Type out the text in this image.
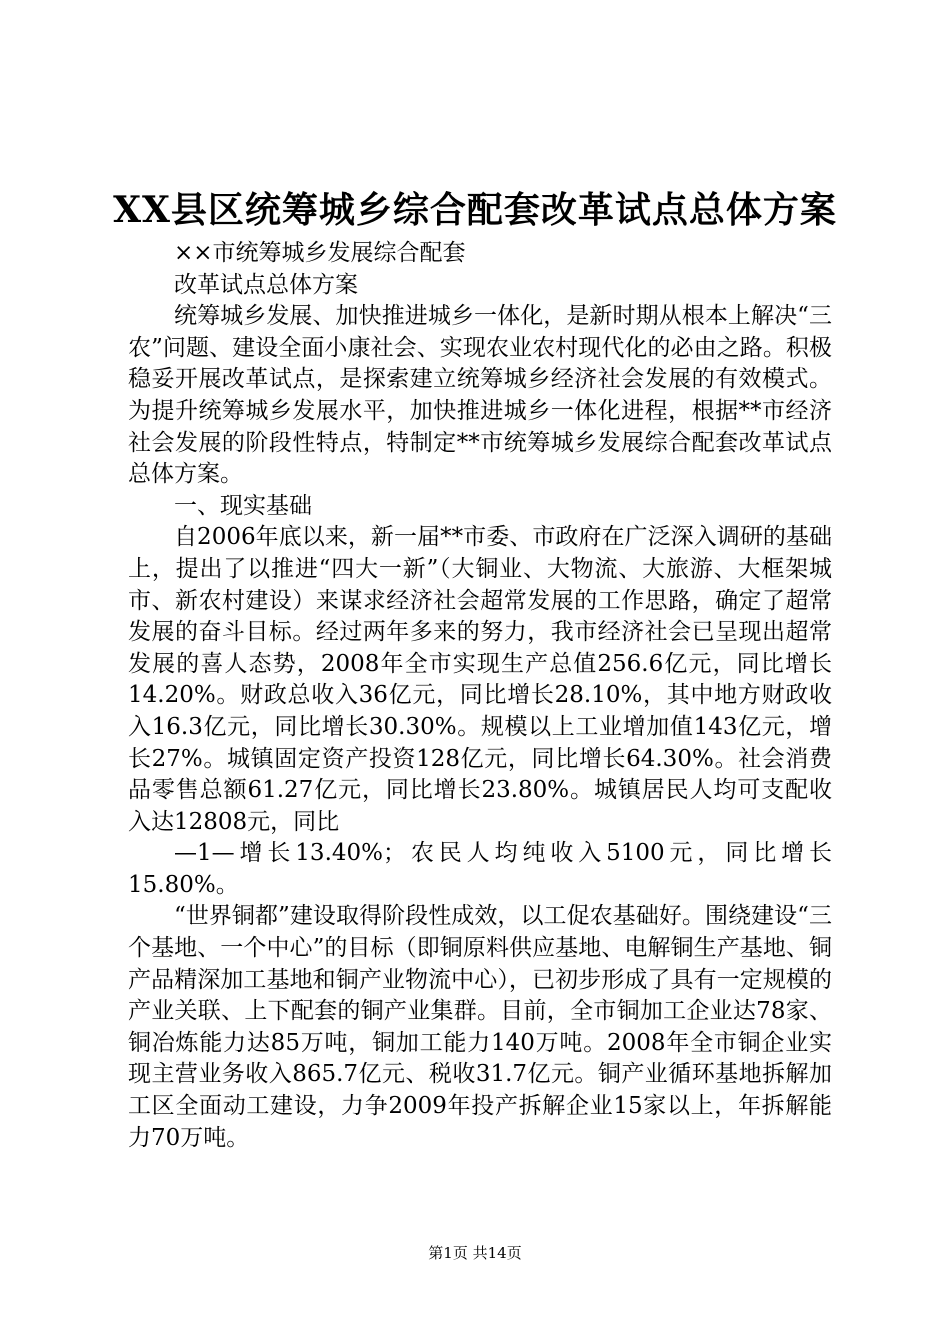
XX县区统筹城乡综合配套改革试点总体方案

××市统筹城乡发展综合配套

改革试点总体方案

统筹城乡发展、加快推进城乡一体化，是新时期从根本上解决“三农”问题、建设全面小康社会、实现农业农村现代化的必由之路。积极稳妥开展改革试点，是探索建立统筹城乡经济社会发展的有效模式。为提升统筹城乡发展水平，加快推进城乡一体化进程，根据**市经济社会发展的阶段性特点，特制定**市统筹城乡发展综合配套改革试点总体方案。

一、现实基础

自2006年底以来，新一届**市委、市政府在广泛深入调研的基础上，提出了以推进“四大一新”（大铜业、大物流、大旅游、大框架城市、新农村建设）来谋求经济社会超常发展的工作思路，确定了超常发展的奋斗目标。经过两年多来的努力，我市经济社会已呈现出超常发展的喜人态势，2008年全市实现生产总值256.6亿元，同比增长14.20%。财政总收入36亿元，同比增长28.10%，其中地方财政收入16.3亿元，同比增长30.30%。规模以上工业增加值143亿元，增长27%。城镇固定资产投资128亿元，同比增长64.30%。社会消费品零售总额61.27亿元，同比增长23.80%。城镇居民人均可支配收入达12808元，同比

—1—增长13.40%；农民人均纯收入5100元，同比增长15.80%。

“世界铜都”建设取得阶段性成效，以工促农基础好。围绕建设“三个基地、一个中心”的目标（即铜原料供应基地、电解铜生产基地、铜产品精深加工基地和铜产业物流中心），已初步形成了具有一定规模的产业关联、上下配套的铜产业集群。目前，全市铜加工企业达78家、铜冶炼能力达85万吨，铜加工能力140万吨。2008年全市铜企业实现主营业务收入865.7亿元、税收31.7亿元。铜产业循环基地拆解加工区全面动工建设，力争2009年投产拆解企业15家以上，年拆解能力70万吨。

第1页 共14页
